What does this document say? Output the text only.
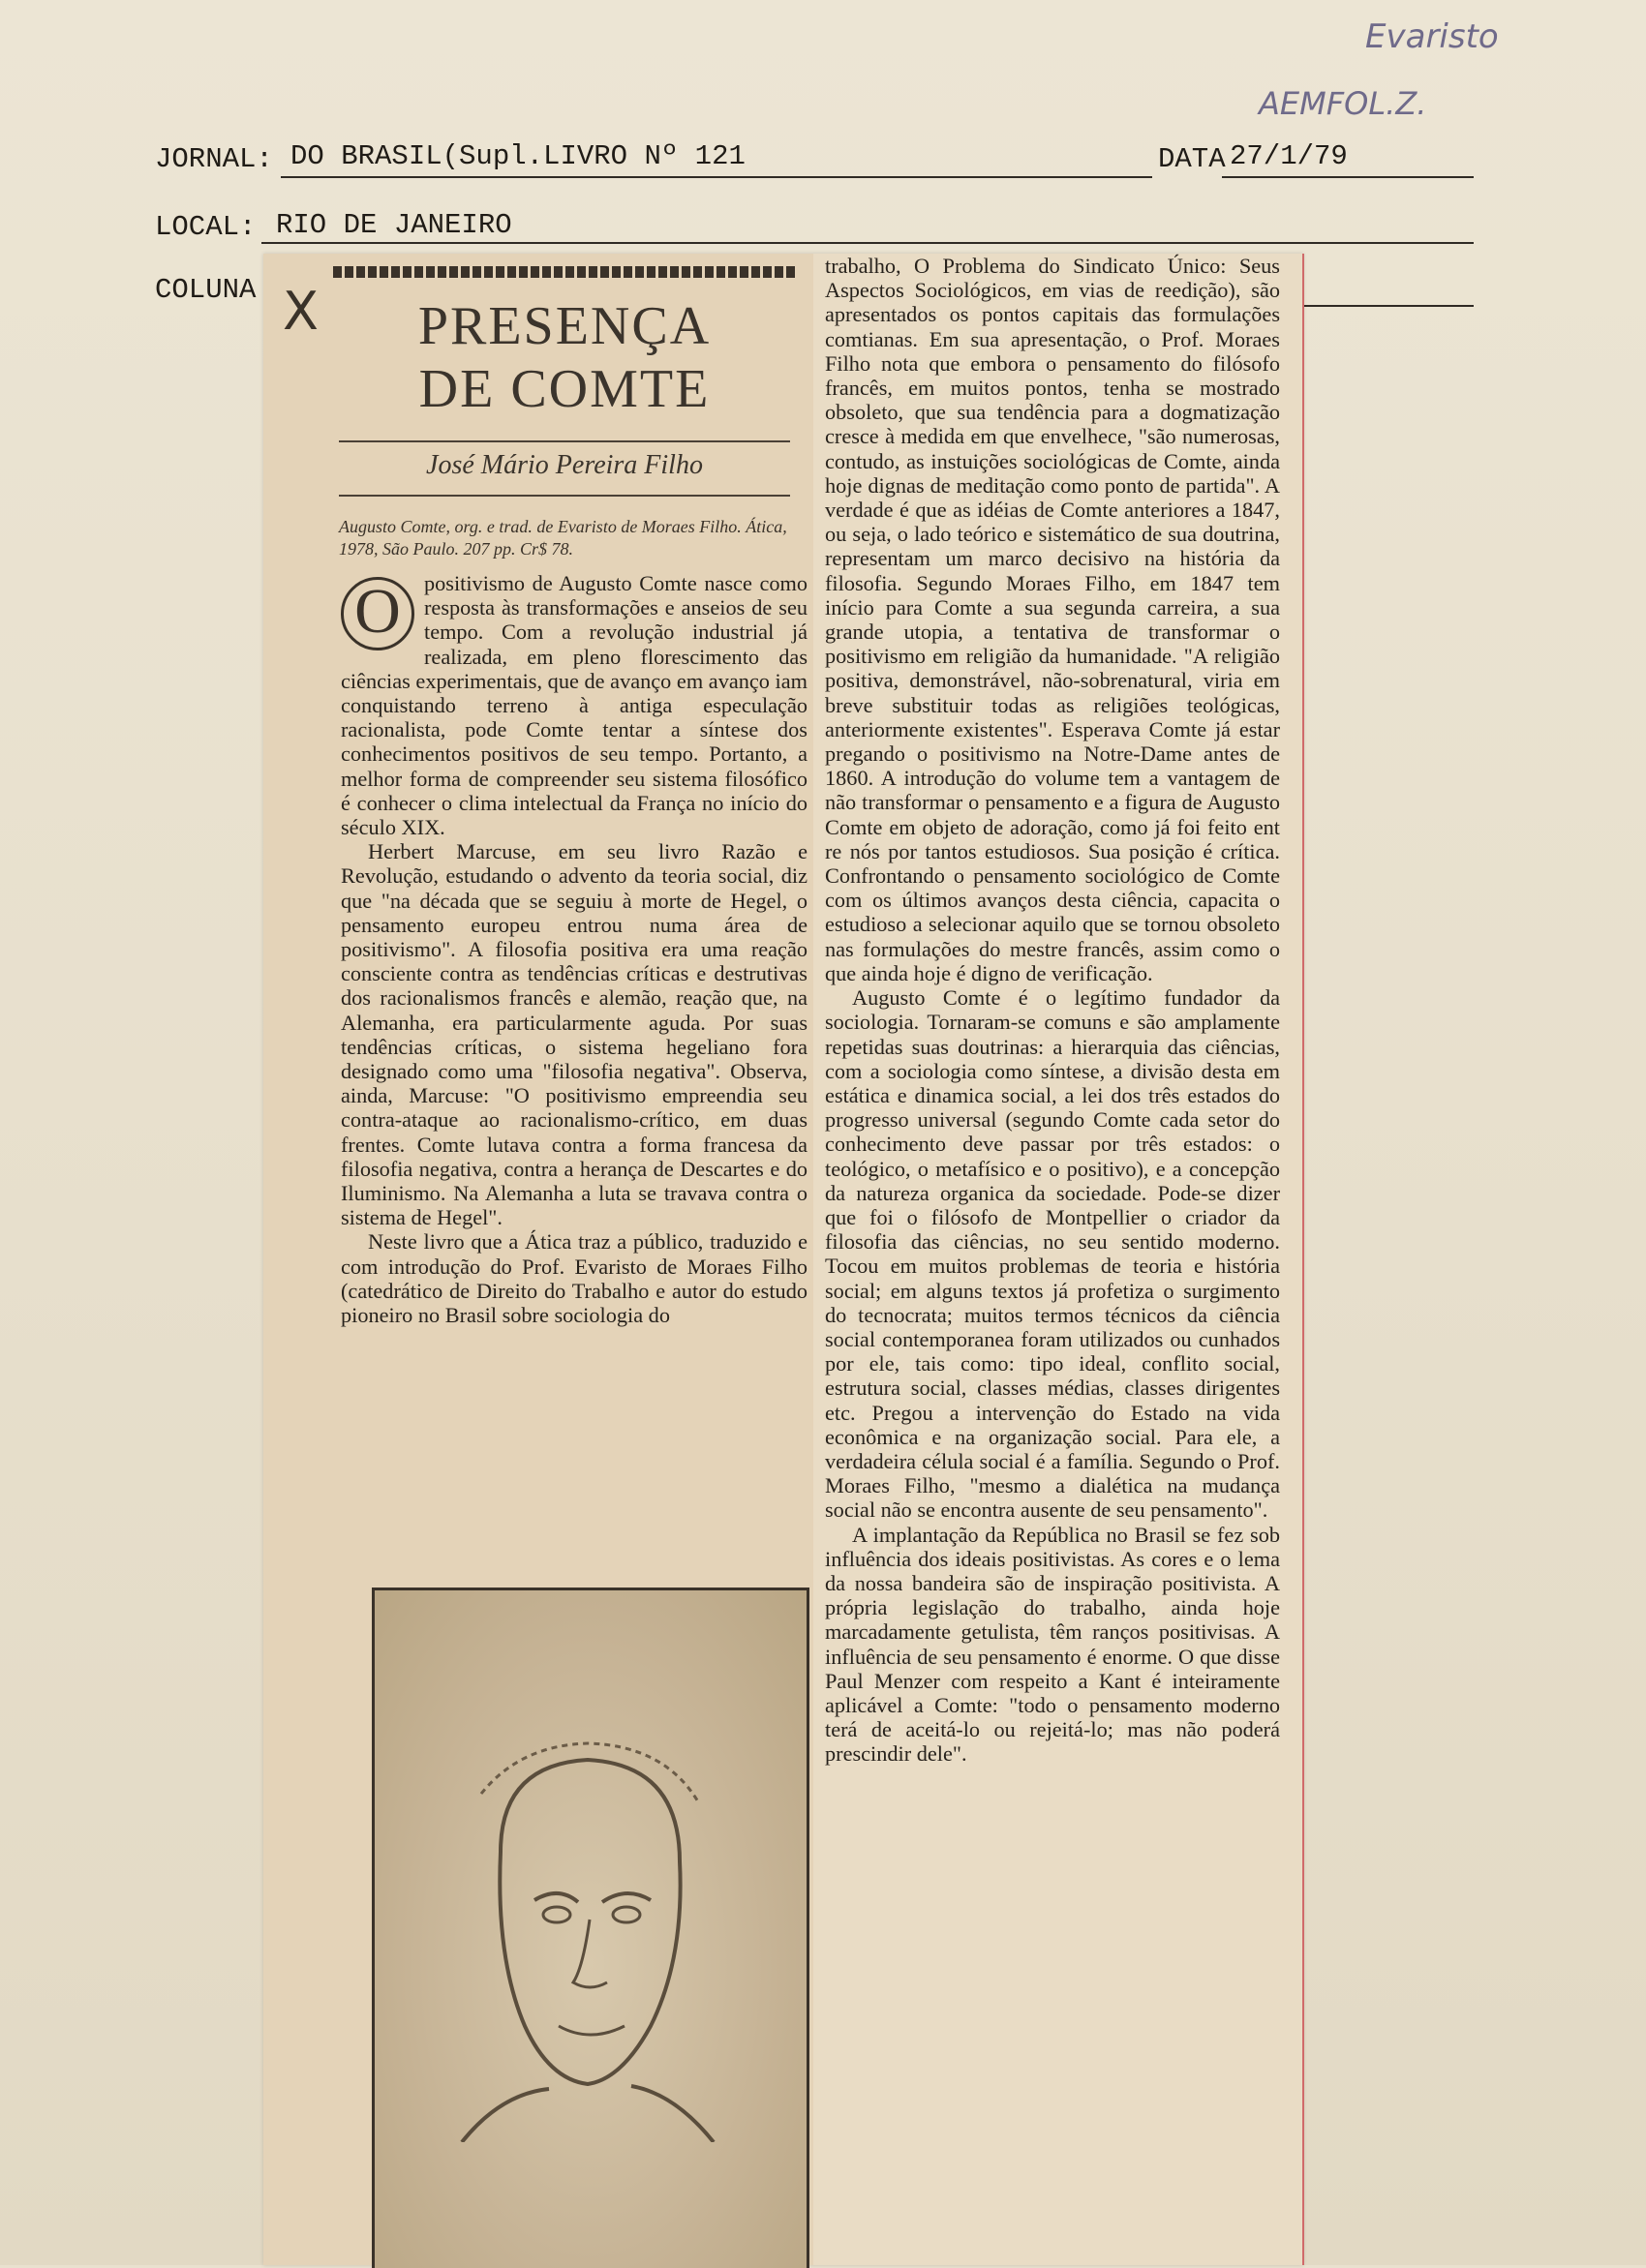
Evaristo
AEMFOL.Z.
JORNAL: DO BRASIL(Supl.LIVRO Nº 121	DATA 27/1/79
LOCAL: RIO DE JANEIRO
COLUNA X	PRESENÇA
DE COMTE
José Mário Pereira Filho
Augusto Comte, org. e trad. de Evaristo de Moraes Filho. Ática, 1978, São Paulo. 207 pp. Cr$ 78.
O	positivismo de Augusto Comte nasce como resposta às transformações e anseios de seu tempo. Com a revolução industrial já realizada, em pleno florescimento das ciências experimentais, que de avanço em avanço iam conquistando terreno à antiga especulação racionalista, pode Comte tentar a síntese dos conhecimentos positivos de seu tempo. Portanto, a melhor forma de compreender seu sistema filosófico é conhecer o clima intelectual da França no início do século XIX.

Herbert Marcuse, em seu livro Razão e Revolução, estudando o advento da teoria social, diz que "na década que se seguiu à morte de Hegel, o pensamento europeu entrou numa área de positivismo". A filosofia positiva era uma reação consciente contra as tendências críticas e destrutivas dos racionalismos francês e alemão, reação que, na Alemanha, era particularmente aguda. Por suas tendências críticas, o sistema hegeliano fora designado como uma "filosofia negativa". Observa, ainda, Marcuse: "O positivismo empreendia seu contra-ataque ao racionalismo-crítico, em duas frentes. Comte lutava contra a forma francesa da filosofia negativa, contra a herança de Descartes e do Iluminismo. Na Alemanha a luta se travava contra o sistema de Hegel".

Neste livro que a Ática traz a público, traduzido e com introdução do Prof. Evaristo de Moraes Filho (catedrático de Direito do Trabalho e autor do estudo pioneiro no Brasil sobre sociologia do

trabalho, O Problema do Sindicato Único: Seus Aspectos Sociológicos, em vias de reedição), são apresentados os pontos capitais das formulações comtianas. Em sua apresentação, o Prof. Moraes Filho nota que embora o pensamento do filósofo francês, em muitos pontos, tenha se mostrado obsoleto, que sua tendência para a dogmatização cresce à medida em que envelhece, "são numerosas, contudo, as instuições sociológicas de Comte, ainda hoje dignas de meditação como ponto de partida". A verdade é que as idéias de Comte anteriores a 1847, ou seja, o lado teórico e sistemático de sua doutrina, representam um marco decisivo na história da filosofia. Segundo Moraes Filho, em 1847 tem início para Comte a sua segunda carreira, a sua grande utopia, a tentativa de transformar o positivismo em religião da humanidade. "A religião positiva, demonstrável, não-sobrenatural, viria em breve substituir todas as religiões teológicas, anteriormente existentes". Esperava Comte já estar pregando o positivismo na Notre-Dame antes de 1860. A introdução do volume tem a vantagem de não transformar o pensamento e a figura de Augusto Comte em objeto de adoração, como já foi feito ent re nós por tantos estudiosos. Sua posição é crítica. Confrontando o pensamento sociológico de Comte com os últimos avanços desta ciência, capacita o estudioso a selecionar aquilo que se tornou obsoleto nas formulações do mestre francês, assim como o que ainda hoje é digno de verificação.

Augusto Comte é o legítimo fundador da sociologia. Tornaram-se comuns e são amplamente repetidas suas doutrinas: a hierarquia das ciências, com a sociologia como síntese, a divisão desta em estática e dinamica social, a lei dos três estados do progresso universal (segundo Comte cada setor do conhecimento deve passar por três estados: o teológico, o metafísico e o positivo), e a concepção da natureza organica da sociedade. Pode-se dizer que foi o filósofo de Montpellier o criador da filosofia das ciências, no seu sentido moderno. Tocou em muitos problemas de teoria e história social; em alguns textos já profetiza o surgimento do tecnocrata; muitos termos técnicos da ciência social contemporanea foram utilizados ou cunhados por ele, tais como: tipo ideal, conflito social, estrutura social, classes médias, classes dirigentes etc. Pregou a intervenção do Estado na vida econômica e na organização social. Para ele, a verdadeira célula social é a família. Segundo o Prof. Moraes Filho, "mesmo a dialética na mudança social não se encontra ausente de seu pensamento".

A implantação da República no Brasil se fez sob influência dos ideais positivistas. As cores e o lema da nossa bandeira são de inspiração positivista. A própria legislação do trabalho, ainda hoje marcadamente getulista, têm ranços positivisas. A influência de seu pensamento é enorme. O que disse Paul Menzer com respeito a Kant é inteiramente aplicável a Comte: "todo o pensamento moderno terá de aceitá-lo ou rejeitá-lo; mas não poderá prescindir dele".
